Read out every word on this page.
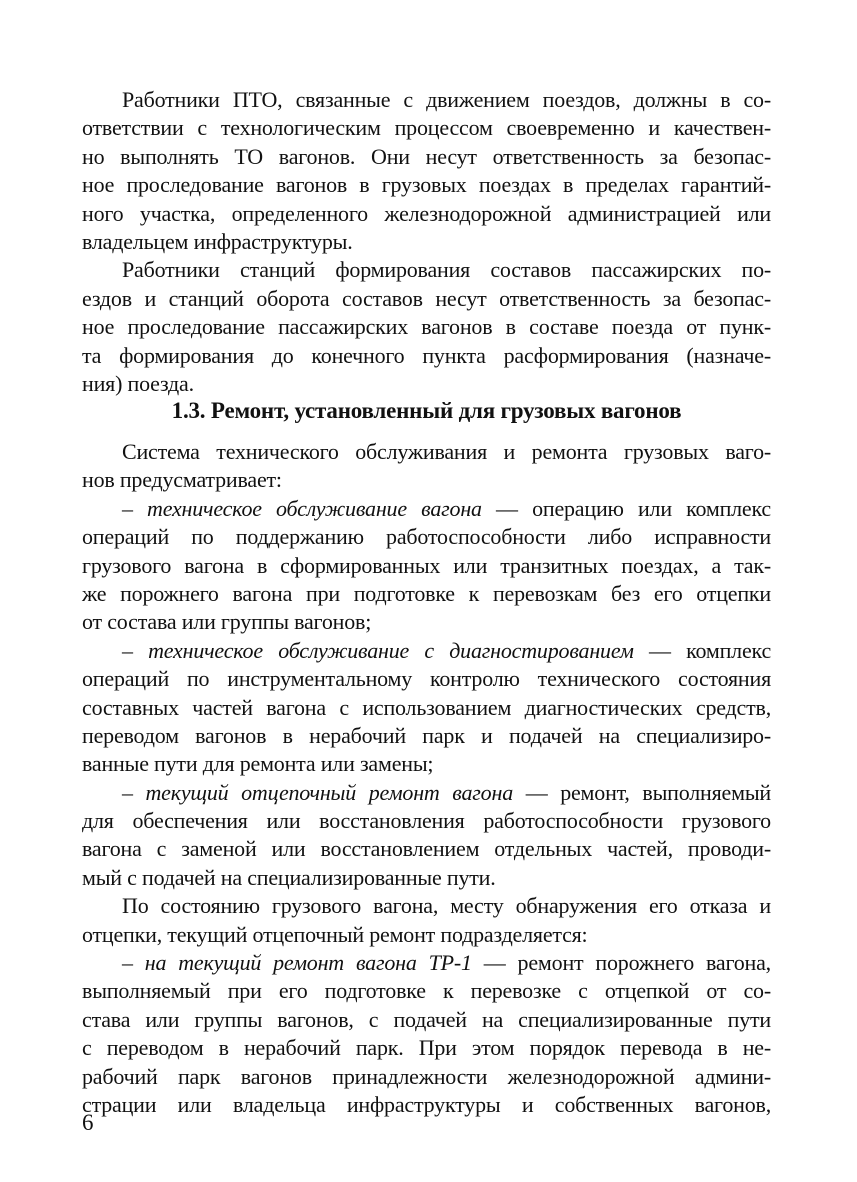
Работники ПТО, связанные с движением поездов, должны в со-
ответствии с технологическим процессом своевременно и качествен-
но выполнять ТО вагонов. Они несут ответственность за безопас-
ное проследование вагонов в грузовых поездах в пределах гарантий-
ного участка, определенного железнодорожной администрацией или
владельцем инфраструктуры.
Работники станций формирования составов пассажирских по-
ездов и станций оборота составов несут ответственность за безопас-
ное проследование пассажирских вагонов в составе поезда от пунк-
та формирования до конечного пункта расформирования (назначе-
ния) поезда.
1.3. Ремонт, установленный для грузовых вагонов
Система технического обслуживания и ремонта грузовых ваго-
нов предусматривает:
– техническое обслуживание вагона — операцию или комплекс
операций по поддержанию работоспособности либо исправности
грузового вагона в сформированных или транзитных поездах, а так-
же порожнего вагона при подготовке к перевозкам без его отцепки
от состава или группы вагонов;
– техническое обслуживание с диагностированием — комплекс
операций по инструментальному контролю технического состояния
составных частей вагона с использованием диагностических средств,
переводом вагонов в нерабочий парк и подачей на специализиро-
ванные пути для ремонта или замены;
– текущий отцепочный ремонт вагона — ремонт, выполняемый
для обеспечения или восстановления работоспособности грузового
вагона с заменой или восстановлением отдельных частей, проводи-
мый с подачей на специализированные пути.
По состоянию грузового вагона, месту обнаружения его отказа и
отцепки, текущий отцепочный ремонт подразделяется:
– на текущий ремонт вагона ТР-1 — ремонт порожнего вагона,
выполняемый при его подготовке к перевозке с отцепкой от со-
става или группы вагонов, с подачей на специализированные пути
с переводом в нерабочий парк. При этом порядок перевода в не-
рабочий парк вагонов принадлежности железнодорожной админи-
страции или владельца инфраструктуры и собственных вагонов,
6
